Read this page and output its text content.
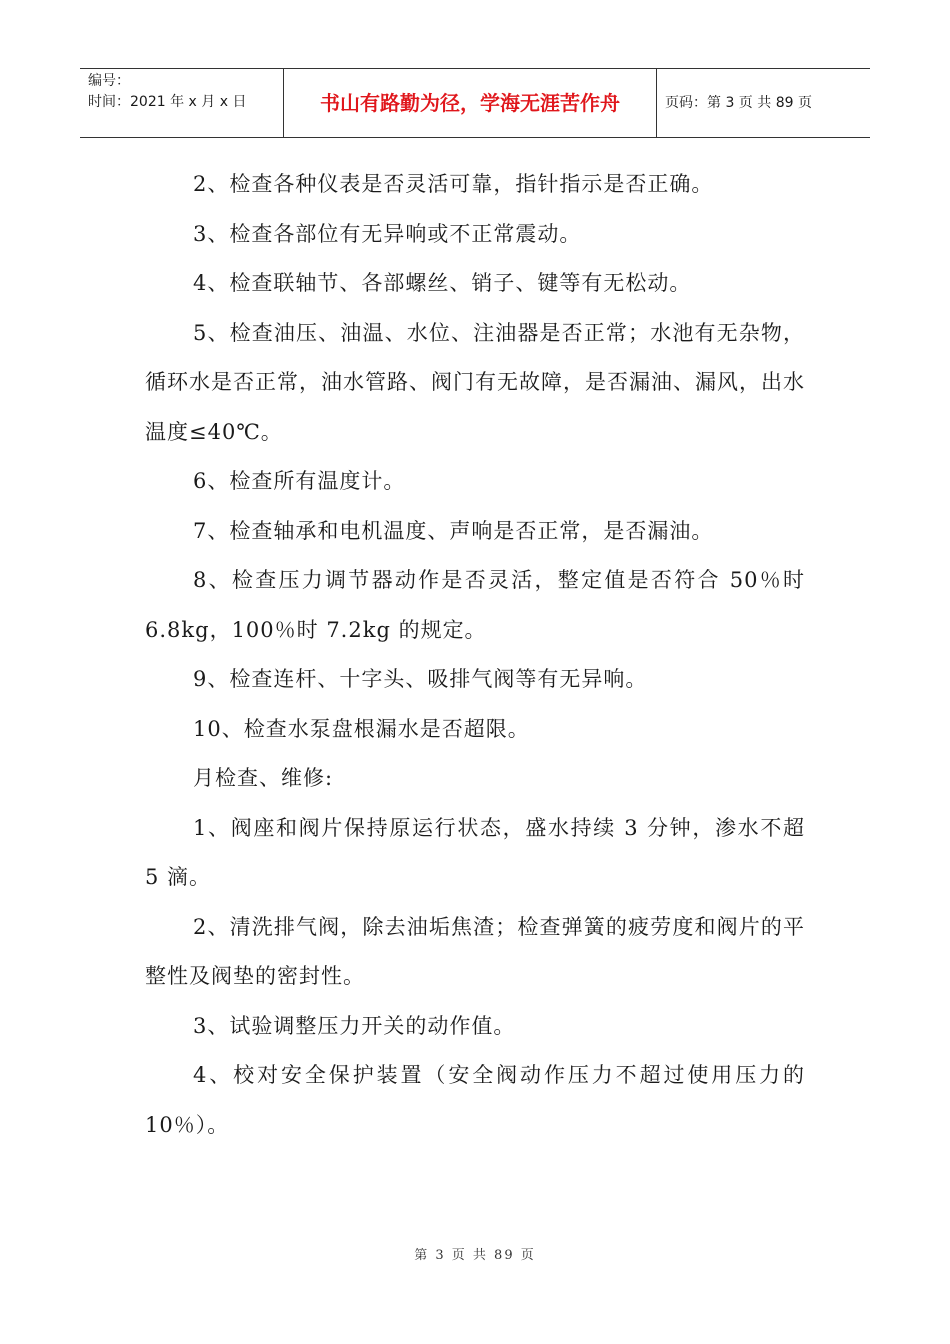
编号：
时间：2021 年 x 月 x 日	书山有路勤为径，学海无涯苦作舟	页码：第 3 页 共 89 页

2、检查各种仪表是否灵活可靠，指针指示是否正确。

3、检查各部位有无异响或不正常震动。

4、检查联轴节、各部螺丝、销子、键等有无松动。

5、检查油压、油温、水位、注油器是否正常；水池有无杂物，循环水是否正常，油水管路、阀门有无故障，是否漏油、漏风，出水温度≤40℃。

6、检查所有温度计。

7、检查轴承和电机温度、声响是否正常，是否漏油。

8、检查压力调节器动作是否灵活，整定值是否符合 50％时 6.8kg，100％时 7.2kg 的规定。

9、检查连杆、十字头、吸排气阀等有无异响。

10、检查水泵盘根漏水是否超限。

月检查、维修:

1、阀座和阀片保持原运行状态，盛水持续 3 分钟，渗水不超 5 滴。

2、清洗排气阀，除去油垢焦渣；检查弹簧的疲劳度和阀片的平整性及阀垫的密封性。

3、试验调整压力开关的动作值。

4、校对安全保护装置（安全阀动作压力不超过使用压力的 10％）。

第 3 页 共 89 页
